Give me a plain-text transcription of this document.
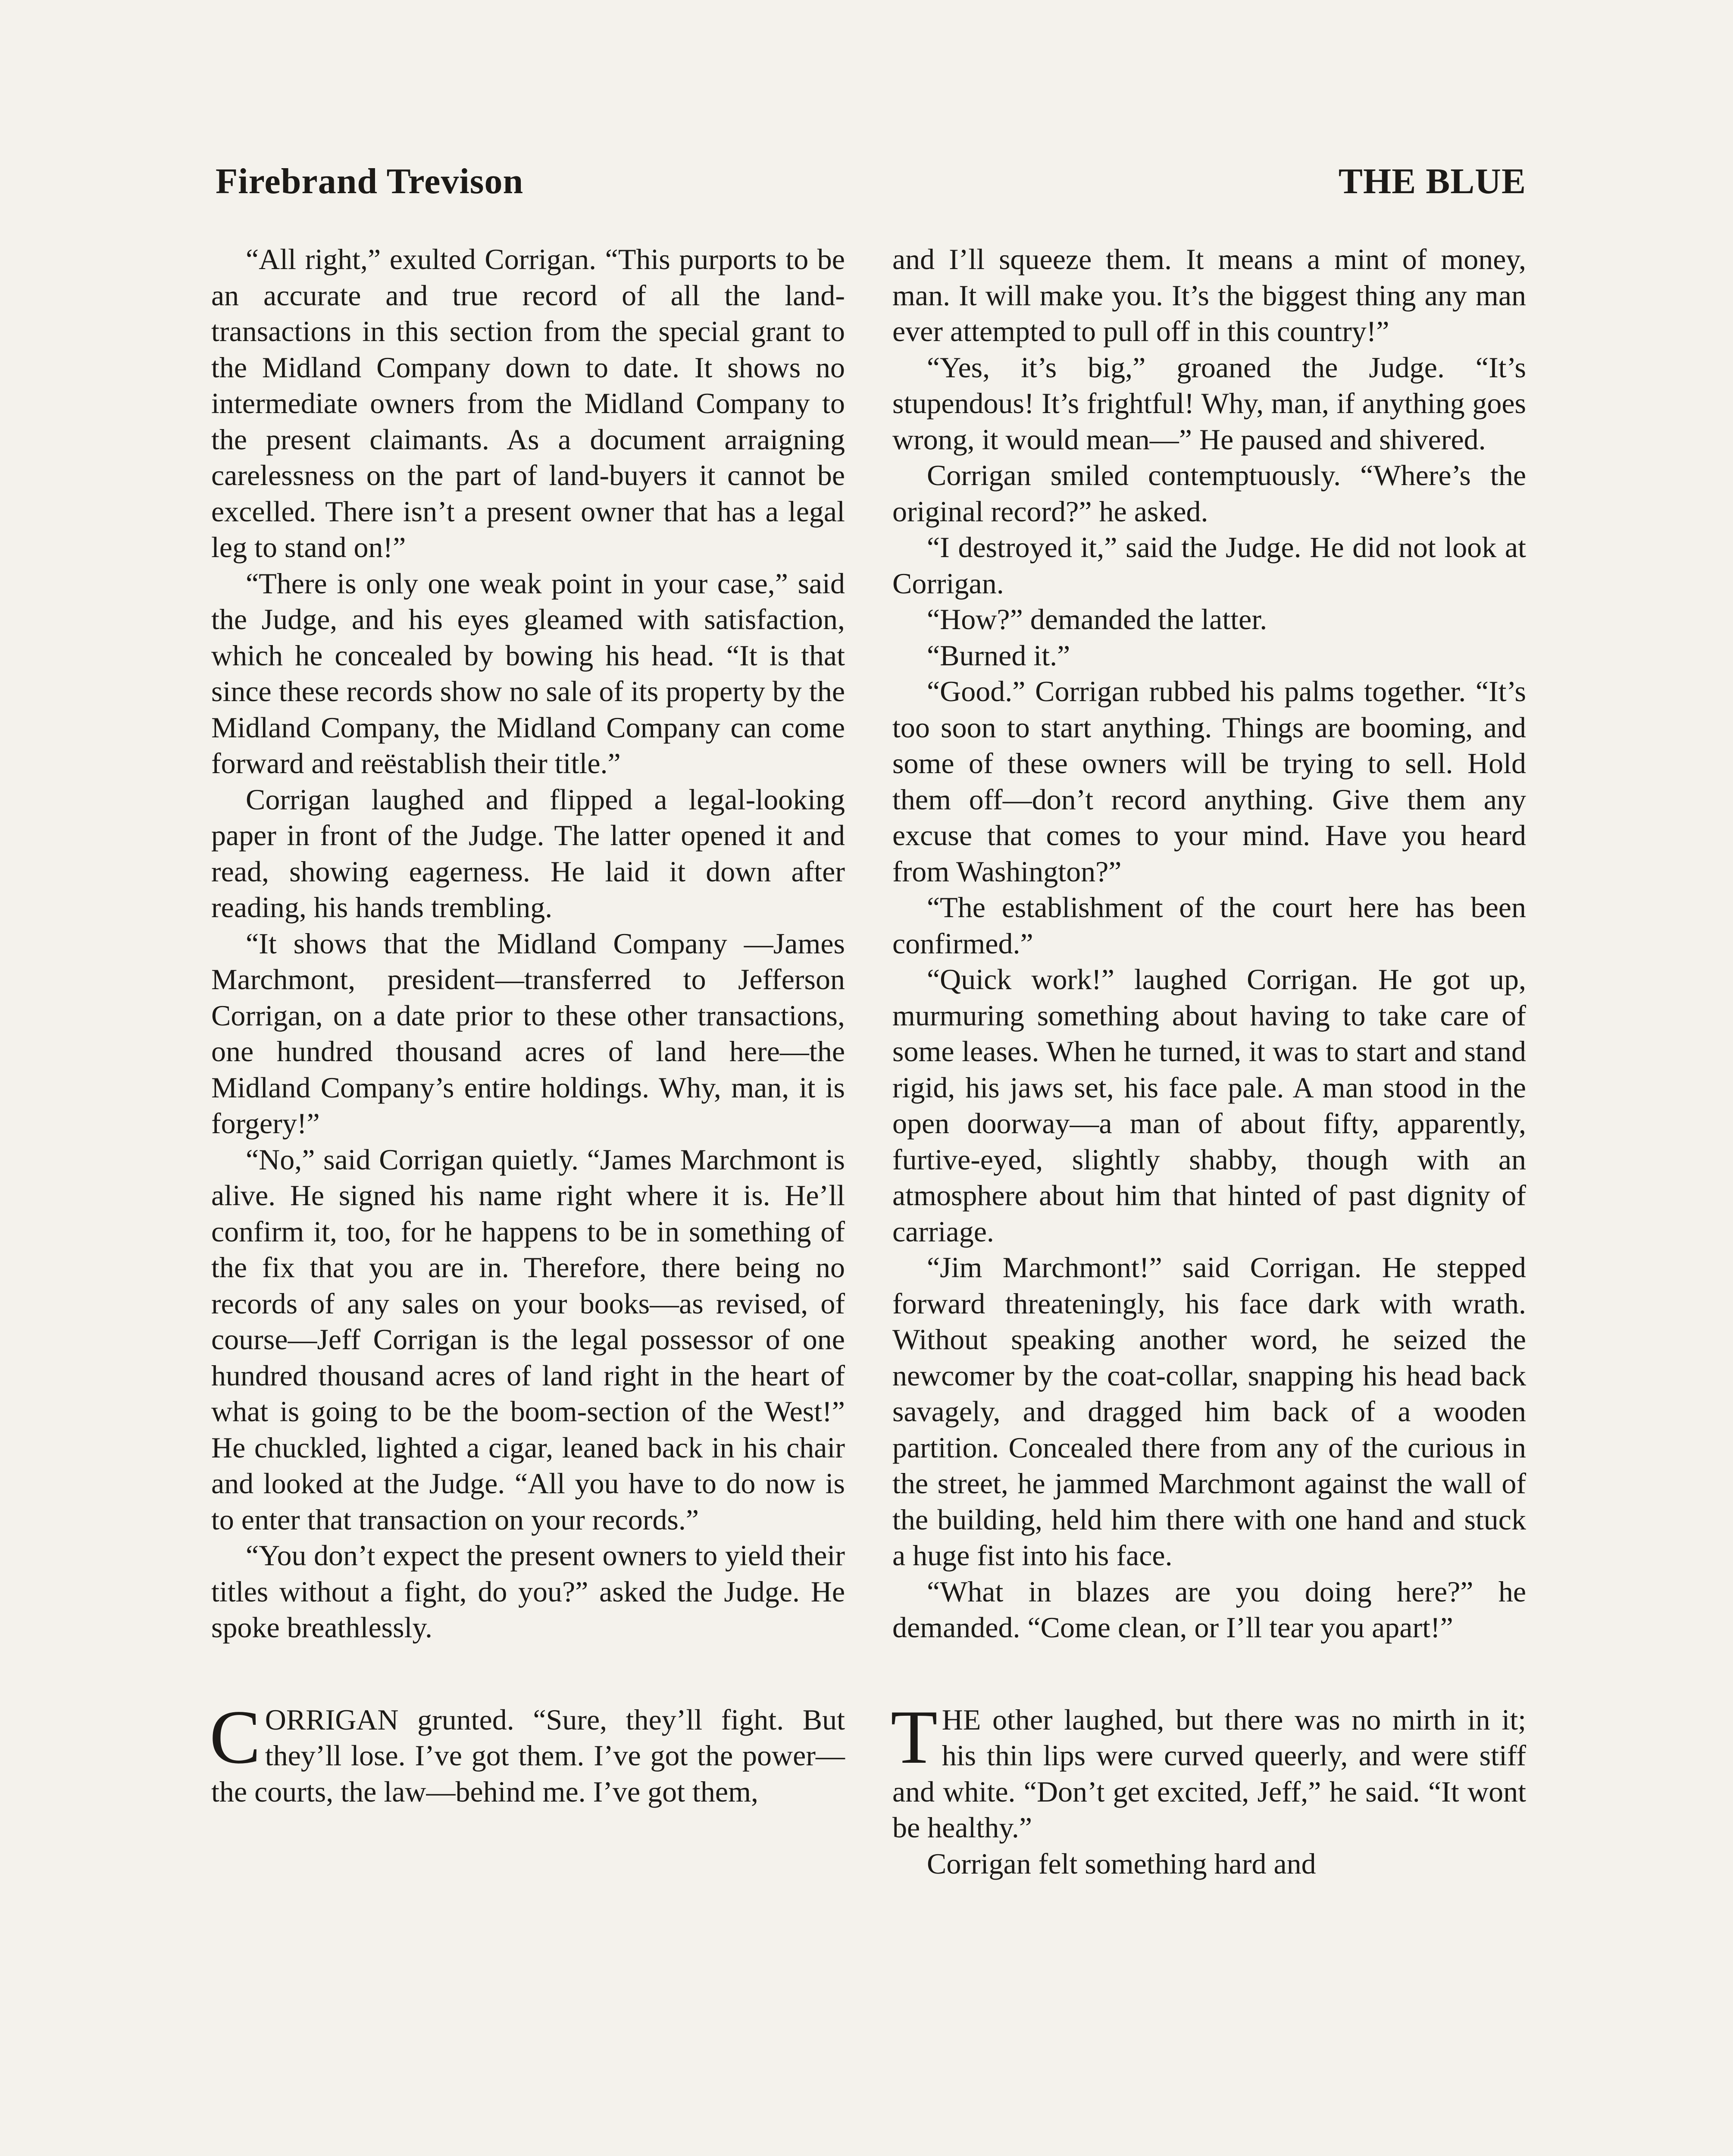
Firebrand Trevison	THE BLUE

“All right,” exulted Corrigan. “This purports to be an accurate and true record of all the land-transactions in this section from the special grant to the Midland Company down to date. It shows no intermediate owners from the Midland Company to the present claimants. As a document arraigning carelessness on the part of land-buyers it cannot be excelled. There isn’t a present owner that has a legal leg to stand on!”

“There is only one weak point in your case,” said the Judge, and his eyes gleamed with satisfaction, which he concealed by bowing his head. “It is that since these records show no sale of its property by the Midland Company, the Midland Company can come forward and reëstablish their title.”

Corrigan laughed and flipped a legal-looking paper in front of the Judge. The latter opened it and read, showing eagerness. He laid it down after reading, his hands trembling.

“It shows that the Midland Company —James Marchmont, president—transferred to Jefferson Corrigan, on a date prior to these other transactions, one hundred thousand acres of land here—the Midland Company’s entire holdings. Why, man, it is forgery!”

“No,” said Corrigan quietly. “James Marchmont is alive. He signed his name right where it is. He’ll confirm it, too, for he happens to be in something of the fix that you are in. Therefore, there being no records of any sales on your books—as revised, of course—Jeff Corrigan is the legal possessor of one hundred thousand acres of land right in the heart of what is going to be the boom-section of the West!” He chuckled, lighted a cigar, leaned back in his chair and looked at the Judge. “All you have to do now is to enter that transaction on your records.”

“You don’t expect the present owners to yield their titles without a fight, do you?” asked the Judge. He spoke breathlessly.

CORRIGAN grunted. “Sure, they’ll fight. But they’ll lose. I’ve got them. I’ve got the power—the courts, the law—behind me. I’ve got them,

and I’ll squeeze them. It means a mint of money, man. It will make you. It’s the biggest thing any man ever attempted to pull off in this country!”

“Yes, it’s big,” groaned the Judge. “It’s stupendous! It’s frightful! Why, man, if anything goes wrong, it would mean—” He paused and shivered.

Corrigan smiled contemptuously. “Where’s the original record?” he asked.

“I destroyed it,” said the Judge. He did not look at Corrigan.

“How?” demanded the latter.

“Burned it.”

“Good.” Corrigan rubbed his palms together. “It’s too soon to start anything. Things are booming, and some of these owners will be trying to sell. Hold them off—don’t record anything. Give them any excuse that comes to your mind. Have you heard from Washington?”

“The establishment of the court here has been confirmed.”

“Quick work!” laughed Corrigan. He got up, murmuring something about having to take care of some leases. When he turned, it was to start and stand rigid, his jaws set, his face pale. A man stood in the open doorway—a man of about fifty, apparently, furtive-eyed, slightly shabby, though with an atmosphere about him that hinted of past dignity of carriage.

“Jim Marchmont!” said Corrigan. He stepped forward threateningly, his face dark with wrath. Without speaking another word, he seized the newcomer by the coat-collar, snapping his head back savagely, and dragged him back of a wooden partition. Concealed there from any of the curious in the street, he jammed Marchmont against the wall of the building, held him there with one hand and stuck a huge fist into his face.

“What in blazes are you doing here?” he demanded. “Come clean, or I’ll tear you apart!”

THE other laughed, but there was no mirth in it; his thin lips were curved queerly, and were stiff and white. “Don’t get excited, Jeff,” he said. “It wont be healthy.”

Corrigan felt something hard and
